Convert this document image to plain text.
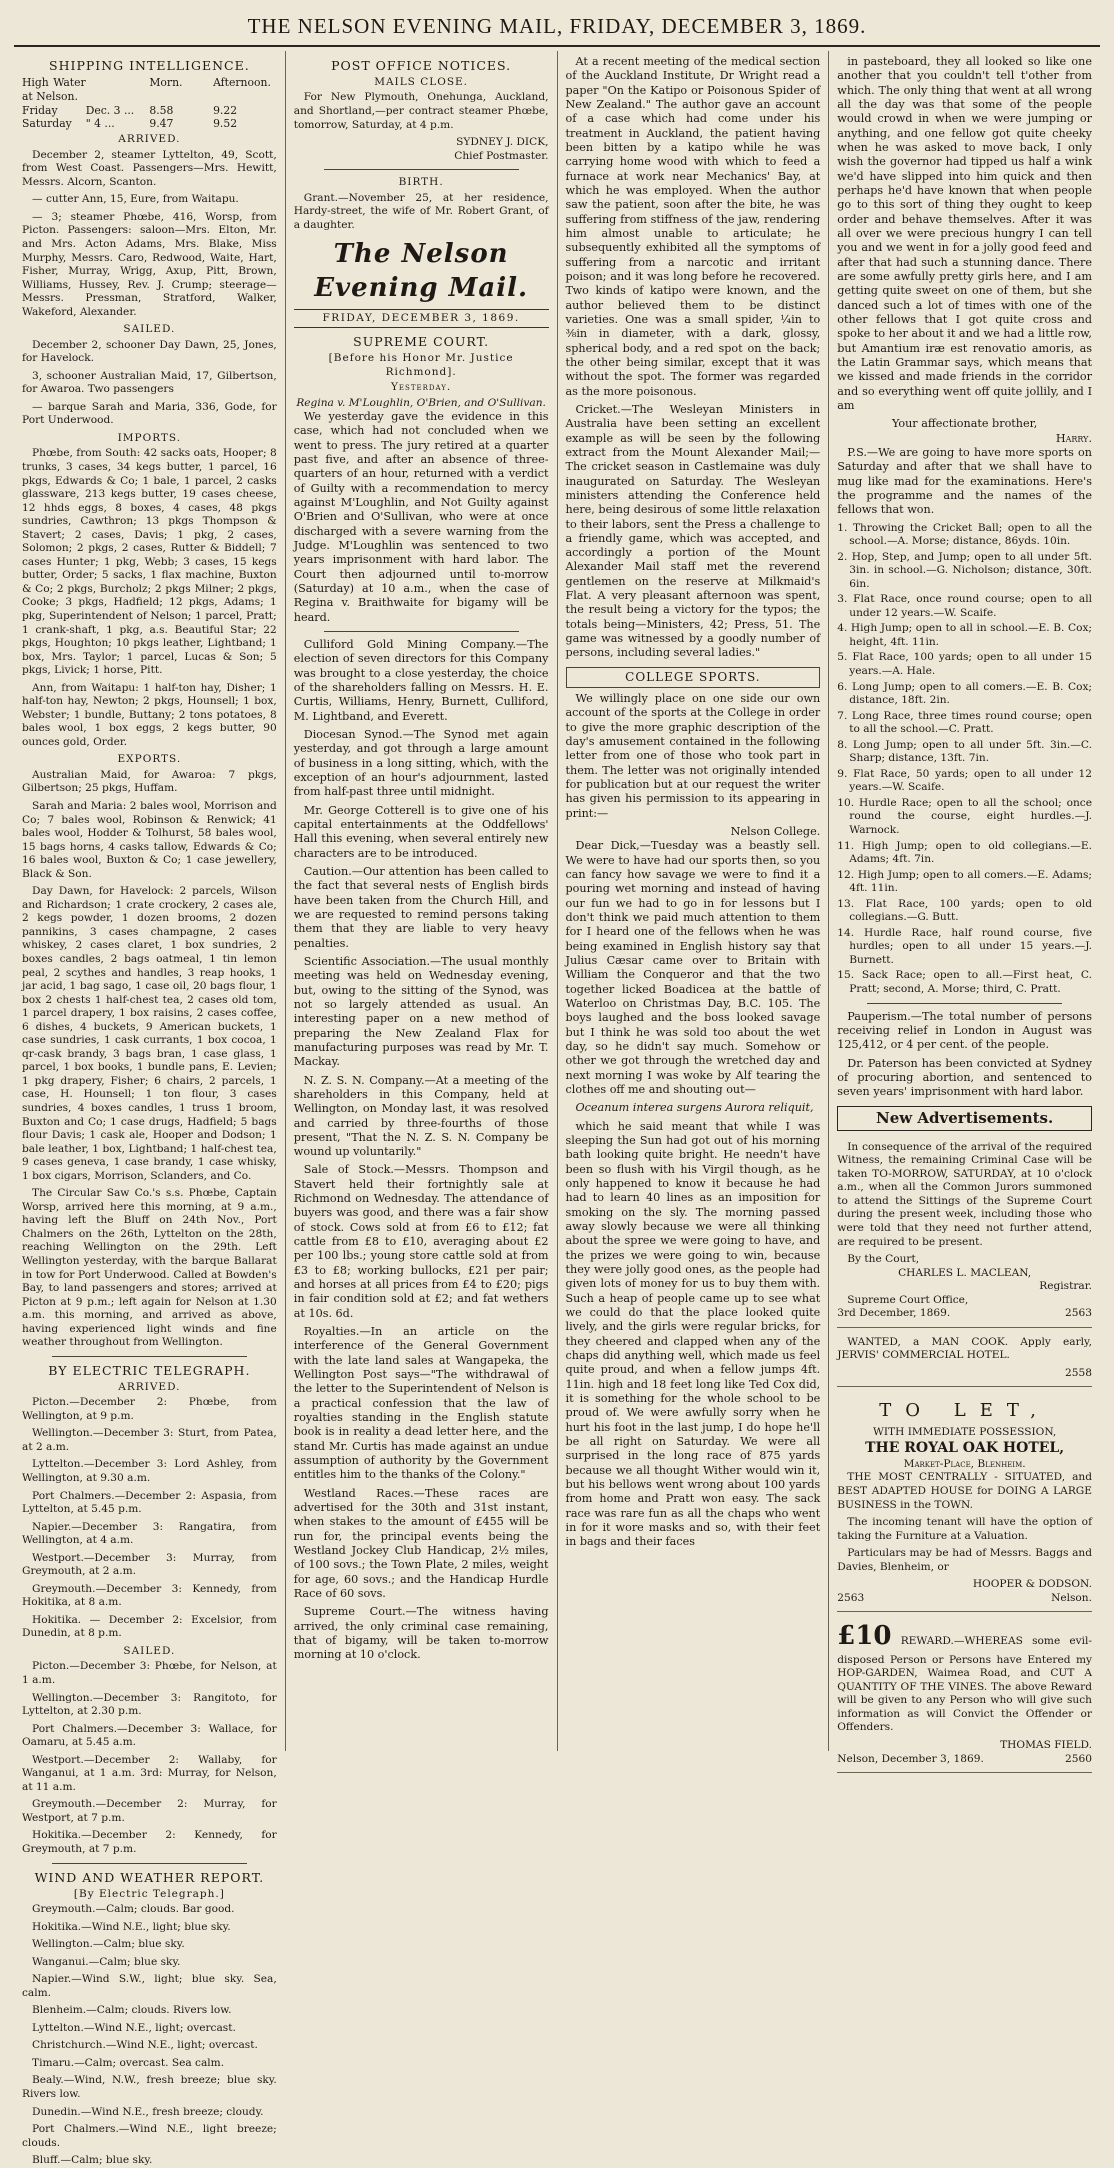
THE NELSON EVENING MAIL, FRIDAY, DECEMBER 3, 1869.
SHIPPING INTELLIGENCE.
High Water at Nelson.
Morn.	Afternoon.
Friday	Dec. 3 ...	8.58	9.22
Saturday	" 4 ...	9.47	9.52
ARRIVED.

December 2, steamer Lyttelton, 49, Scott, from West Coast. Passengers—Mrs. Hewitt, Messrs. Alcorn, Scanton.

— cutter Ann, 15, Eure, from Waitapu.

— 3; steamer Phœbe, 416, Worsp, from Picton. Passengers: saloon—Mrs. Elton, Mr. and Mrs. Acton Adams, Mrs. Blake, Miss Murphy, Messrs. Caro, Redwood, Waite, Hart, Fisher, Murray, Wrigg, Axup, Pitt, Brown, Williams, Hussey, Rev. J. Crump; steerage—Messrs. Pressman, Stratford, Walker, Wakeford, Alexander.

SAILED.

December 2, schooner Day Dawn, 25, Jones, for Havelock.

3, schooner Australian Maid, 17, Gilbertson, for Awaroa. Two passengers

— barque Sarah and Maria, 336, Gode, for Port Underwood.

IMPORTS.

Phœbe, from South: 42 sacks oats, Hooper; 8 trunks, 3 cases, 34 kegs butter, 1 parcel, 16 pkgs, Edwards & Co; 1 bale, 1 parcel, 2 casks glassware, 213 kegs butter, 19 cases cheese, 12 hhds eggs, 8 boxes, 4 cases, 48 pkgs sundries, Cawthron; 13 pkgs Thompson & Stavert; 2 cases, Davis; 1 pkg, 2 cases, Solomon; 2 pkgs, 2 cases, Rutter & Biddell; 7 cases Hunter; 1 pkg, Webb; 3 cases, 15 kegs butter, Order; 5 sacks, 1 flax machine, Buxton & Co; 2 pkgs, Burcholz; 2 pkgs Milner; 2 pkgs, Cooke; 3 pkgs, Hadfield; 12 pkgs, Adams; 1 pkg, Superintendent of Nelson; 1 parcel, Pratt; 1 crank-shaft, 1 pkg, a.s. Beautiful Star; 22 pkgs, Houghton; 10 pkgs leather, Lightband; 1 box, Mrs. Taylor; 1 parcel, Lucas & Son; 5 pkgs, Livick; 1 horse, Pitt.

Ann, from Waitapu: 1 half-ton hay, Disher; 1 half-ton hay, Newton; 2 pkgs, Hounsell; 1 box, Webster; 1 bundle, Buttany; 2 tons potatoes, 8 bales wool, 1 box eggs, 2 kegs butter, 90 ounces gold, Order.

EXPORTS.

Australian Maid, for Awaroa: 7 pkgs, Gilbertson; 25 pkgs, Huffam.

Sarah and Maria: 2 bales wool, Morrison and Co; 7 bales wool, Robinson & Renwick; 41 bales wool, Hodder & Tolhurst, 58 bales wool, 15 bags horns, 4 casks tallow, Edwards & Co; 16 bales wool, Buxton & Co; 1 case jewellery, Black & Son.

Day Dawn, for Havelock: 2 parcels, Wilson and Richardson; 1 crate crockery, 2 cases ale, 2 kegs powder, 1 dozen brooms, 2 dozen pannikins, 3 cases champagne, 2 cases whiskey, 2 cases claret, 1 box sundries, 2 boxes candles, 2 bags oatmeal, 1 tin lemon peal, 2 scythes and handles, 3 reap hooks, 1 jar acid, 1 bag sago, 1 case oil, 20 bags flour, 1 box 2 chests 1 half-chest tea, 2 cases old tom, 1 parcel drapery, 1 box raisins, 2 cases coffee, 6 dishes, 4 buckets, 9 American buckets, 1 case sundries, 1 cask currants, 1 box cocoa, 1 qr-cask brandy, 3 bags bran, 1 case glass, 1 parcel, 1 box books, 1 bundle pans, E. Levien; 1 pkg drapery, Fisher; 6 chairs, 2 parcels, 1 case, H. Hounsell; 1 ton flour, 3 cases sundries, 4 boxes candles, 1 truss 1 broom, Buxton and Co; 1 case drugs, Hadfield; 5 bags flour Davis; 1 cask ale, Hooper and Dodson; 1 bale leather, 1 box, Lightband; 1 half-chest tea, 9 cases geneva, 1 case brandy, 1 case whisky, 1 box cigars, Morrison, Sclanders, and Co.

The Circular Saw Co.'s s.s. Phœbe, Captain Worsp, arrived here this morning, at 9 a.m., having left the Bluff on 24th Nov., Port Chalmers on the 26th, Lyttelton on the 28th, reaching Wellington on the 29th. Left Wellington yesterday, with the barque Ballarat in tow for Port Underwood. Called at Bowden's Bay, to land passengers and stores; arrived at Picton at 9 p.m.; left again for Nelson at 1.30 a.m. this morning, and arrived as above, having experienced light winds and fine weather throughout from Wellington.

BY ELECTRIC TELEGRAPH.
ARRIVED.

Picton.—December 2: Phœbe, from Wellington, at 9 p.m.

Wellington.—December 3: Sturt, from Patea, at 2 a.m.

Lyttelton.—December 3: Lord Ashley, from Wellington, at 9.30 a.m.

Port Chalmers.—December 2: Aspasia, from Lyttelton, at 5.45 p.m.

Napier.—December 3: Rangatira, from Wellington, at 4 a.m.

Westport.—December 3: Murray, from Greymouth, at 2 a.m.

Greymouth.—December 3: Kennedy, from Hokitika, at 8 a.m.

Hokitika. — December 2: Excelsior, from Dunedin, at 8 p.m.

SAILED.

Picton.—December 3: Phœbe, for Nelson, at 1 a.m.

Wellington.—December 3: Rangitoto, for Lyttelton, at 2.30 p.m.

Port Chalmers.—December 3: Wallace, for Oamaru, at 5.45 a.m.

Westport.—December 2: Wallaby, for Wanganui, at 1 a.m. 3rd: Murray, for Nelson, at 11 a.m.

Greymouth.—December 2: Murray, for Westport, at 7 p.m.

Hokitika.—December 2: Kennedy, for Greymouth, at 7 p.m.

WIND AND WEATHER REPORT.
[By Electric Telegraph.]

Greymouth.—Calm; clouds. Bar good.

Hokitika.—Wind N.E., light; blue sky.

Wellington.—Calm; blue sky.

Wanganui.—Calm; blue sky.

Napier.—Wind S.W., light; blue sky. Sea, calm.

Blenheim.—Calm; clouds. Rivers low.

Lyttelton.—Wind N.E., light; overcast.

Christchurch.—Wind N.E., light; overcast.

Timaru.—Calm; overcast. Sea calm.

Bealy.—Wind, N.W., fresh breeze; blue sky. Rivers low.

Dunedin.—Wind N.E., fresh breeze; cloudy.

Port Chalmers.—Wind N.E., light breeze; clouds.

Bluff.—Calm; blue sky.

POST OFFICE NOTICES.
MAILS CLOSE.

For New Plymouth, Onehunga, Auckland, and Shortland,—per contract steamer Phœbe, tomorrow, Saturday, at 4 p.m.

SYDNEY J. DICK,
Chief Postmaster.
BIRTH.

Grant.—November 25, at her residence, Hardy-street, the wife of Mr. Robert Grant, of a daughter.

The Nelson Evening Mail.
FRIDAY, DECEMBER 3, 1869.
SUPREME COURT.
[Before his Honor Mr. Justice Richmond].
Yesterday.
Regina v. M'Loughlin, O'Brien, and O'Sullivan.

We yesterday gave the evidence in this case, which had not concluded when we went to press. The jury retired at a quarter past five, and after an absence of three-quarters of an hour, returned with a verdict of Guilty with a recommendation to mercy against M'Loughlin, and Not Guilty against O'Brien and O'Sullivan, who were at once discharged with a severe warning from the Judge. M'Loughlin was sentenced to two years imprisonment with hard labor. The Court then adjourned until to-morrow (Saturday) at 10 a.m., when the case of Regina v. Braithwaite for bigamy will be heard.

Culliford Gold Mining Company.—The election of seven directors for this Company was brought to a close yesterday, the choice of the shareholders falling on Messrs. H. E. Curtis, Williams, Henry, Burnett, Culliford, M. Lightband, and Everett.

Diocesan Synod.—The Synod met again yesterday, and got through a large amount of business in a long sitting, which, with the exception of an hour's adjournment, lasted from half-past three until midnight.

Mr. George Cotterell is to give one of his capital entertainments at the Oddfellows' Hall this evening, when several entirely new characters are to be introduced.

Caution.—Our attention has been called to the fact that several nests of English birds have been taken from the Church Hill, and we are requested to remind persons taking them that they are liable to very heavy penalties.

Scientific Association.—The usual monthly meeting was held on Wednesday evening, but, owing to the sitting of the Synod, was not so largely attended as usual. An interesting paper on a new method of preparing the New Zealand Flax for manufacturing purposes was read by Mr. T. Mackay.

N. Z. S. N. Company.—At a meeting of the shareholders in this Company, held at Wellington, on Monday last, it was resolved and carried by three-fourths of those present, "That the N. Z. S. N. Company be wound up voluntarily."

Sale of Stock.—Messrs. Thompson and Stavert held their fortnightly sale at Richmond on Wednesday. The attendance of buyers was good, and there was a fair show of stock. Cows sold at from £6 to £12; fat cattle from £8 to £10, averaging about £2 per 100 lbs.; young store cattle sold at from £3 to £8; working bullocks, £21 per pair; and horses at all prices from £4 to £20; pigs in fair condition sold at £2; and fat wethers at 10s. 6d.

Royalties.—In an article on the interference of the General Government with the late land sales at Wangapeka, the Wellington Post says—"The withdrawal of the letter to the Superintendent of Nelson is a practical confession that the law of royalties standing in the English statute book is in reality a dead letter here, and the stand Mr. Curtis has made against an undue assumption of authority by the Government entitles him to the thanks of the Colony."

Westland Races.—These races are advertised for the 30th and 31st instant, when stakes to the amount of £455 will be run for, the principal events being the Westland Jockey Club Handicap, 2½ miles, of 100 sovs.; the Town Plate, 2 miles, weight for age, 60 sovs.; and the Handicap Hurdle Race of 60 sovs.

Supreme Court.—The witness having arrived, the only criminal case remaining, that of bigamy, will be taken to-morrow morning at 10 o'clock.

At a recent meeting of the medical section of the Auckland Institute, Dr Wright read a paper "On the Katipo or Poisonous Spider of New Zealand." The author gave an account of a case which had come under his treatment in Auckland, the patient having been bitten by a katipo while he was carrying home wood with which to feed a furnace at work near Mechanics' Bay, at which he was employed. When the author saw the patient, soon after the bite, he was suffering from stiffness of the jaw, rendering him almost unable to articulate; he subsequently exhibited all the symptoms of suffering from a narcotic and irritant poison; and it was long before he recovered. Two kinds of katipo were known, and the author believed them to be distinct varieties. One was a small spider, ¼in to ⅜in in diameter, with a dark, glossy, spherical body, and a red spot on the back; the other being similar, except that it was without the spot. The former was regarded as the more poisonous.

Cricket.—The Wesleyan Ministers in Australia have been setting an excellent example as will be seen by the following extract from the Mount Alexander Mail;—The cricket season in Castlemaine was duly inaugurated on Saturday. The Wesleyan ministers attending the Conference held here, being desirous of some little relaxation to their labors, sent the Press a challenge to a friendly game, which was accepted, and accordingly a portion of the Mount Alexander Mail staff met the reverend gentlemen on the reserve at Milkmaid's Flat. A very pleasant afternoon was spent, the result being a victory for the typos; the totals being—Ministers, 42; Press, 51. The game was witnessed by a goodly number of persons, including several ladies."

COLLEGE SPORTS.

We willingly place on one side our own account of the sports at the College in order to give the more graphic description of the day's amusement contained in the following letter from one of those who took part in them. The letter was not originally intended for publication but at our request the writer has given his permission to its appearing in print:—

Nelson College.

Dear Dick,—Tuesday was a beastly sell. We were to have had our sports then, so you can fancy how savage we were to find it a pouring wet morning and instead of having our fun we had to go in for lessons but I don't think we paid much attention to them for I heard one of the fellows when he was being examined in English history say that Julius Cæsar came over to Britain with William the Conqueror and that the two together licked Boadicea at the battle of Waterloo on Christmas Day, B.C. 105. The boys laughed and the boss looked savage but I think he was sold too about the wet day, so he didn't say much. Somehow or other we got through the wretched day and next morning I was woke by Alf tearing the clothes off me and shouting out—

Oceanum interea surgens Aurora reliquit,

which he said meant that while I was sleeping the Sun had got out of his morning bath looking quite bright. He needn't have been so flush with his Virgil though, as he only happened to know it because he had had to learn 40 lines as an imposition for smoking on the sly. The morning passed away slowly because we were all thinking about the spree we were going to have, and the prizes we were going to win, because they were jolly good ones, as the people had given lots of money for us to buy them with. Such a heap of people came up to see what we could do that the place looked quite lively, and the girls were regular bricks, for they cheered and clapped when any of the chaps did anything well, which made us feel quite proud, and when a fellow jumps 4ft. 11in. high and 18 feet long like Ted Cox did, it is something for the whole school to be proud of. We were awfully sorry when he hurt his foot in the last jump, I do hope he'll be all right on Saturday. We were all surprised in the long race of 875 yards because we all thought Wither would win it, but his bellows went wrong about 100 yards from home and Pratt won easy. The sack race was rare fun as all the chaps who went in for it wore masks and so, with their feet in bags and their faces

in pasteboard, they all looked so like one another that you couldn't tell t'other from which. The only thing that went at all wrong all the day was that some of the people would crowd in when we were jumping or anything, and one fellow got quite cheeky when he was asked to move back, I only wish the governor had tipped us half a wink we'd have slipped into him quick and then perhaps he'd have known that when people go to this sort of thing they ought to keep order and behave themselves. After it was all over we were precious hungry I can tell you and we went in for a jolly good feed and after that had such a stunning dance. There are some awfully pretty girls here, and I am getting quite sweet on one of them, but she danced such a lot of times with one of the other fellows that I got quite cross and spoke to her about it and we had a little row, but Amantium iræ est renovatio amoris, as the Latin Grammar says, which means that we kissed and made friends in the corridor and so everything went off quite jollily, and I am

Your affectionate brother,
Harry.

P.S.—We are going to have more sports on Saturday and after that we shall have to mug like mad for the examinations. Here's the programme and the names of the fellows that won.

1. Throwing the Cricket Ball; open to all the school.—A. Morse; distance, 86yds. 10in.
2. Hop, Step, and Jump; open to all under 5ft. 3in. in school.—G. Nicholson; distance, 30ft. 6in.
3. Flat Race, once round course; open to all under 12 years.—W. Scaife.
4. High Jump; open to all in school.—E. B. Cox; height, 4ft. 11in.
5. Flat Race, 100 yards; open to all under 15 years.—A. Hale.
6. Long Jump; open to all comers.—E. B. Cox; distance, 18ft. 2in.
7. Long Race, three times round course; open to all the school.—C. Pratt.
8. Long Jump; open to all under 5ft. 3in.—C. Sharp; distance, 13ft. 7in.
9. Flat Race, 50 yards; open to all under 12 years.—W. Scaife.
10. Hurdle Race; open to all the school; once round the course, eight hurdles.—J. Warnock.
11. High Jump; open to old collegians.—E. Adams; 4ft. 7in.
12. High Jump; open to all comers.—E. Adams; 4ft. 11in.
13. Flat Race, 100 yards; open to old collegians.—G. Butt.
14. Hurdle Race, half round course, five hurdles; open to all under 15 years.—J. Burnett.
15. Sack Race; open to all.—First heat, C. Pratt; second, A. Morse; third, C. Pratt.

Pauperism.—The total number of persons receiving relief in London in August was 125,412, or 4 per cent. of the people.

Dr. Paterson has been convicted at Sydney of procuring abortion, and sentenced to seven years' imprisonment with hard labor.

New Advertisements.

In consequence of the arrival of the required Witness, the remaining Criminal Case will be taken TO-MORROW, SATURDAY, at 10 o'clock a.m., when all the Common Jurors summoned to attend the Sittings of the Supreme Court during the present week, including those who were told that they need not further attend, are required to be present.

By the Court,
CHARLES L. MACLEAN,
Registrar.
Supreme Court Office,
3rd December, 1869.	2563

WANTED, a MAN COOK. Apply early, JERVIS' COMMERCIAL HOTEL.

2558
TO LET,
WITH IMMEDIATE POSSESSION,
THE ROYAL OAK HOTEL,
Market-Place, Blenheim.

THE MOST CENTRALLY - SITUATED, and BEST ADAPTED HOUSE for DOING A LARGE BUSINESS in the TOWN.

The incoming tenant will have the option of taking the Furniture at a Valuation.

Particulars may be had of Messrs. Baggs and Davies, Blenheim, or

HOOPER & DODSON.
2563	Nelson.

£10 REWARD.—WHEREAS some evil-disposed Person or Persons have Entered my HOP-GARDEN, Waimea Road, and CUT A QUANTITY OF THE VINES. The above Reward will be given to any Person who will give such information as will Convict the Offender or Offenders.

THOMAS FIELD.
Nelson, December 3, 1869.	2560
